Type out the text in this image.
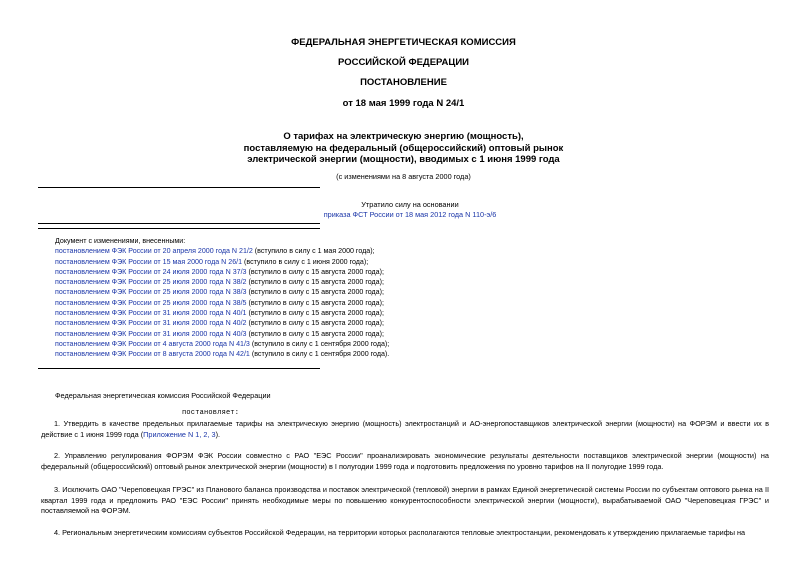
ФЕДЕРАЛЬНАЯ ЭНЕРГЕТИЧЕСКАЯ КОМИССИЯ
РОССИЙСКОЙ ФЕДЕРАЦИИ
ПОСТАНОВЛЕНИЕ
от 18 мая 1999 года N 24/1
О тарифах на электрическую энергию (мощность),
поставляемую на федеральный (общероссийский) оптовый рынок
электрической энергии (мощности), вводимых с 1 июня 1999 года
(с изменениями на 8 августа 2000 года)
Утратило силу на основании
приказа ФСТ России от 18 мая 2012 года N 110-э/6
Документ с изменениями, внесенными:
постановлением ФЭК России от 20 апреля 2000 года N 21/2 (вступило в силу с 1 мая 2000 года);
постановлением ФЭК России от 15 мая 2000 года N 26/1 (вступило в силу с 1 июня 2000 года);
постановлением ФЭК России от 24 июля 2000 года N 37/3 (вступило в силу с 15 августа 2000 года);
постановлением ФЭК России от 25 июля 2000 года N 38/2 (вступило в силу с 15 августа 2000 года);
постановлением ФЭК России от 25 июля 2000 года N 38/3 (вступило в силу с 15 августа 2000 года);
постановлением ФЭК России от 25 июля 2000 года N 38/5 (вступило в силу с 15 августа 2000 года);
постановлением ФЭК России от 31 июля 2000 года N 40/1 (вступило в силу с 15 августа 2000 года);
постановлением ФЭК России от 31 июля 2000 года N 40/2 (вступило в силу с 15 августа 2000 года);
постановлением ФЭК России от 31 июля 2000 года N 40/3 (вступило в силу с 15 августа 2000 года);
постановлением ФЭК России от 4 августа 2000 года N 41/3 (вступило в силу с 1 сентября 2000 года);
постановлением ФЭК России от 8 августа 2000 года N 42/1 (вступило в силу с 1 сентября 2000 года).
Федеральная энергетическая комиссия Российской Федерации
постановляет:
1. Утвердить в качестве предельных прилагаемые тарифы на электрическую энергию (мощность) электростанций и АО-энергопоставщиков электрической энергии (мощности) на ФОРЭМ и ввести их в действие с 1 июня 1999 года (Приложение N 1, 2, 3).
2. Управлению регулирования ФОРЭМ ФЭК России совместно с РАО "ЕЭС России" проанализировать экономические результаты деятельности поставщиков электрической энергии (мощности) на федеральный (общероссийский) оптовый рынок электрической энергии (мощности) в I полугодии 1999 года и подготовить предложения по уровню тарифов на II полугодие 1999 года.
3. Исключить ОАО "Череповецкая ГРЭС" из Планового баланса производства и поставок электрической (тепловой) энергии в рамках Единой энергетической системы России по субъектам оптового рынка на II квартал 1999 года и предложить РАО "ЕЭС России" принять необходимые меры по повышению конкурентоспособности электрической энергии (мощности), вырабатываемой ОАО "Череповецкая ГРЭС" и поставляемой на ФОРЭМ.
4. Региональным энергетическим комиссиям субъектов Российской Федерации, на территории которых располагаются тепловые электростанции, рекомендовать к утверждению прилагаемые тарифы на
